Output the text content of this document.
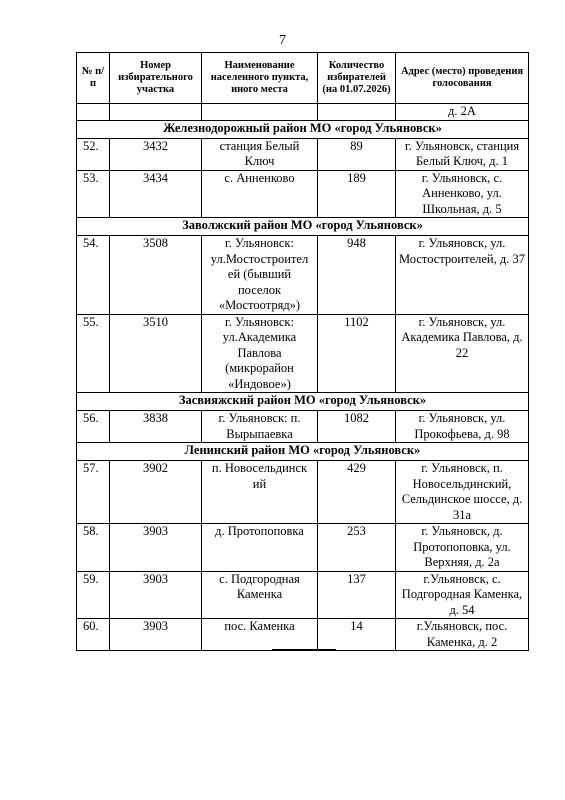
7
№ п/п	Номер избирательного участка	Наименование населенного пункта, иного места	Количество избирателей (на 01.07.2026)	Адрес (место) проведения голосования
				д. 2А
Железнодорожный район МО «город Ульяновск»				
52.	3432	станция Белый Ключ	89	г. Ульяновск, станция Белый Ключ, д. 1
53.	3434	с. Анненково	189	г. Ульяновск, с. Анненково, ул. Школьная, д. 5
Заволжский район МО «город Ульяновск»				
54.	3508	г. Ульяновск: ул.Мостостроител ей (бывший поселок «Мостоотряд»)	948	г. Ульяновск, ул. Мостостроителей, д. 37
55.	3510	г. Ульяновск: ул.Академика Павлова (микрорайон «Индовое»)	1102	г. Ульяновск, ул. Академика Павлова, д. 22
Засвияжский район МО «город Ульяновск»				
56.	3838	г. Ульяновск: п. Вырыпаевка	1082	г. Ульяновск, ул. Прокофьева, д. 98
Ленинский район МО «город Ульяновск»				
57.	3902	п. Новосельдинск ий	429	г. Ульяновск, п. Новосельдинский, Сельдинское шоссе, д. 31а
58.	3903	д. Протопоповка	253	г. Ульяновск, д. Протопоповка, ул. Верхняя, д. 2а
59.	3903	с. Подгородная Каменка	137	г.Ульяновск, с. Подгородная Каменка, д. 54
60.	3903	пос. Каменка	14	г.Ульяновск, пос. Каменка, д. 2
